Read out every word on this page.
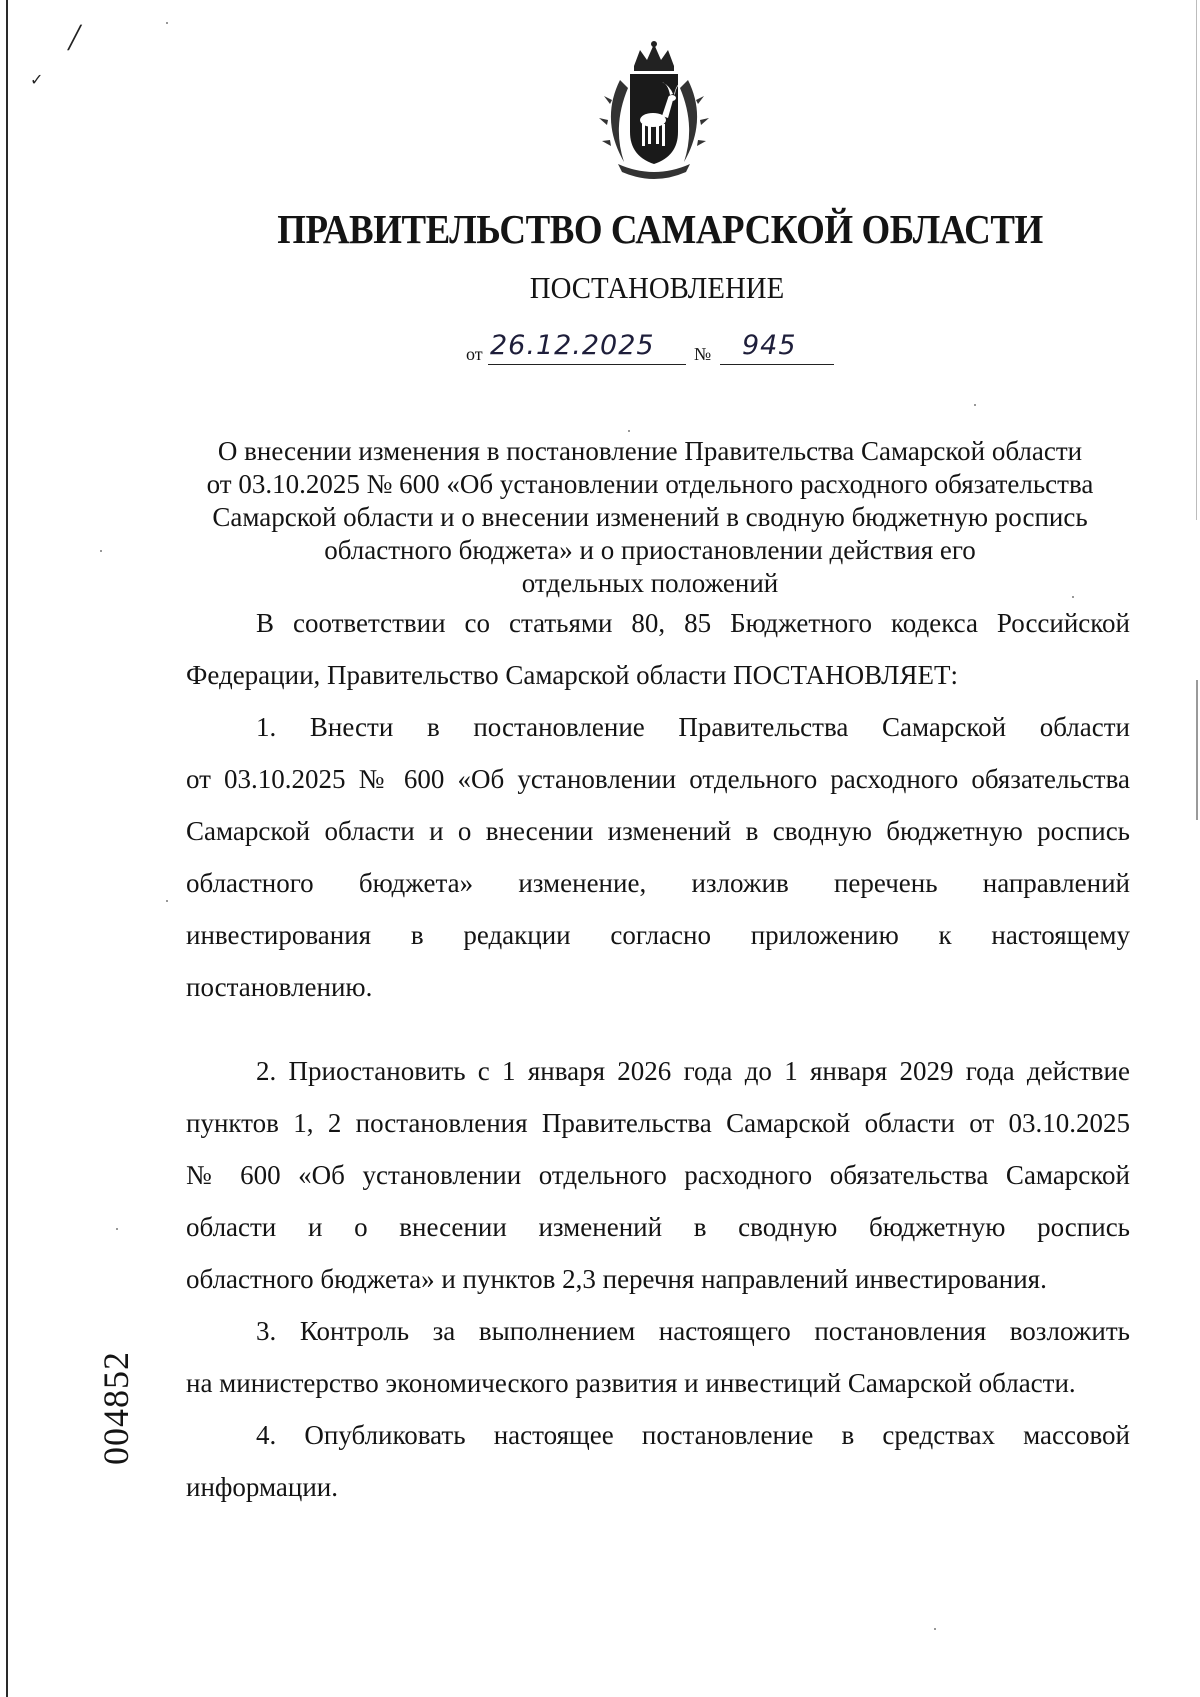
╱
✓
ПРАВИТЕЛЬСТВО САМАРСКОЙ ОБЛАСТИ
ПОСТАНОВЛЕНИЕ
от 26.12.2025 № 945
О внесении изменения в постановление Правительства Самарской области
от 03.10.2025 № 600 «Об установлении отдельного расходного обязательства
Самарской области и о внесении изменений в сводную бюджетную роспись
областного бюджета» и о приостановлении действия его
отдельных положений
В соответствии со статьями 80, 85 Бюджетного кодекса Российской
Федерации, Правительство Самарской области ПОСТАНОВЛЯЕТ:
1. Внести в постановление Правительства Самарской области
от 03.10.2025 № 600 «Об установлении отдельного расходного обязательства
Самарской области и о внесении изменений в сводную бюджетную роспись
областного бюджета» изменение, изложив перечень направлений
инвестирования в редакции согласно приложению к настоящему
постановлению.
2. Приостановить с 1 января 2026 года до 1 января 2029 года действие
пунктов 1, 2 постановления Правительства Самарской области от 03.10.2025
№ 600 «Об установлении отдельного расходного обязательства Самарской
области и о внесении изменений в сводную бюджетную роспись
областного бюджета» и пунктов 2,3 перечня направлений инвестирования.
3. Контроль за выполнением настоящего постановления возложить
на министерство экономического развития и инвестиций Самарской области.
4. Опубликовать настоящее постановление в средствах массовой
информации.
004852
